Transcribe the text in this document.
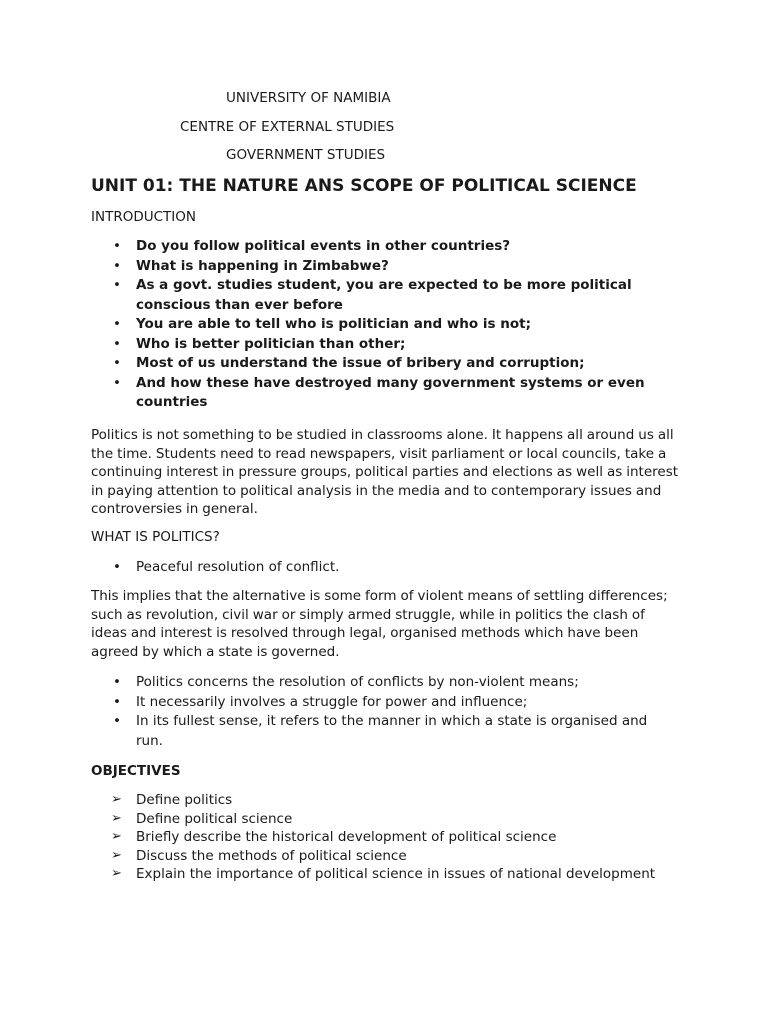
UNIVERSITY OF NAMIBIA
CENTRE OF EXTERNAL STUDIES
GOVERNMENT STUDIES
UNIT 01: THE NATURE ANS SCOPE OF POLITICAL SCIENCE
INTRODUCTION
• Do you follow political events in other countries?
• What is happening in Zimbabwe?
• As a govt. studies student, you are expected to be more political conscious than ever before
• You are able to tell who is politician and who is not;
• Who is better politician than other;
• Most of us understand the issue of bribery and corruption;
• And how these have destroyed many government systems or even countries

Politics is not something to be studied in classrooms alone. It happens all around us all the time. Students need to read newspapers, visit parliament or local councils, take a continuing interest in pressure groups, political parties and elections as well as interest in paying attention to political analysis in the media and to contemporary issues and controversies in general.

WHAT IS POLITICS?
• Peaceful resolution of conflict.

This implies that the alternative is some form of violent means of settling differences; such as revolution, civil war or simply armed struggle, while in politics the clash of ideas and interest is resolved through legal, organised methods which have been agreed by which a state is governed.

• Politics concerns the resolution of conflicts by non-violent means;
• It necessarily involves a struggle for power and influence;
• In its fullest sense, it refers to the manner in which a state is organised and run.
OBJECTIVES
➢ Define politics
➢ Define political science
➢ Briefly describe the historical development of political science
➢ Discuss the methods of political science
➢ Explain the importance of political science in issues of national development
